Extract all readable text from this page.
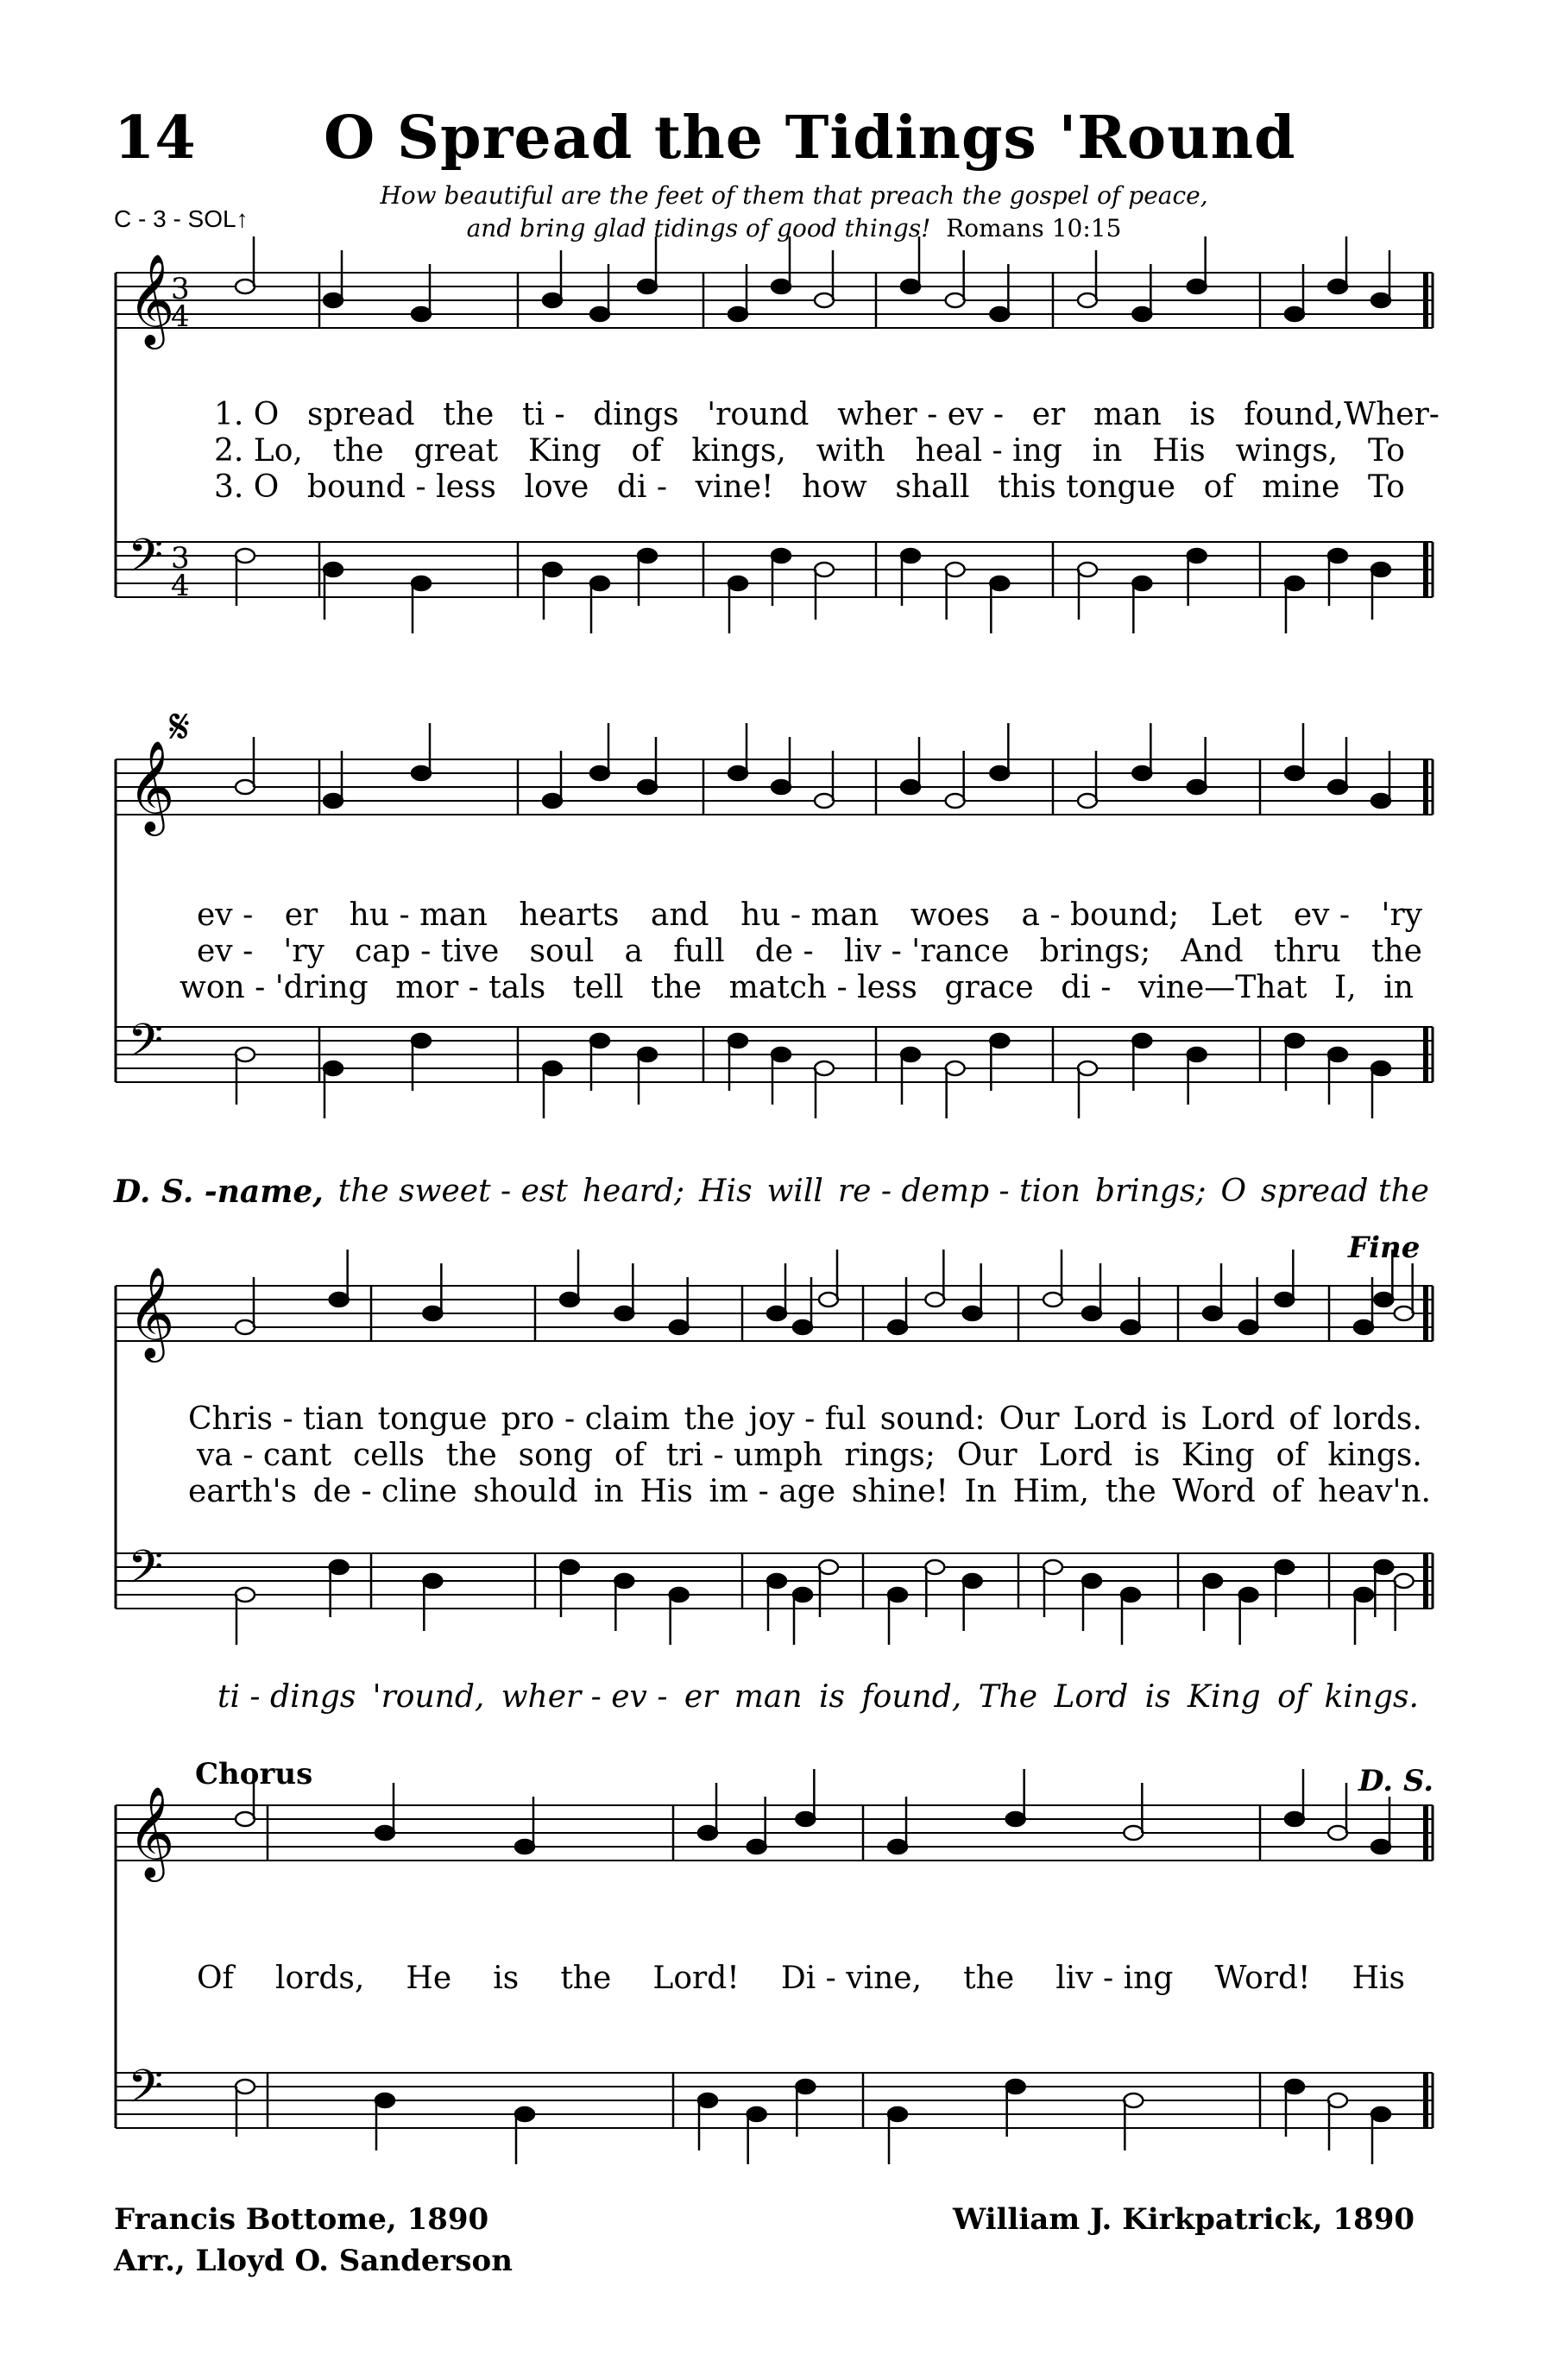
14 O Spread the Tidings 'Round
C - 3 - SOL↑
How beautiful are the feet of them that preach the gospel of peace,
and bring glad tidings of good things! Romans 10:15
𝄞
3
4
𝄢 3
4
𝄞
𝄢
𝄞
𝄢
𝄞
𝄢
1. O spread the ti - dings 'round wher - ev - er man is found,Wher-
2. Lo, the great King of kings, with heal - ing in His wings, To
3. O bound - less love di - vine! how shall this tongue of mine To
𝄋
ev - er hu - man hearts and hu - man woes a - bound; Let ev - 'ry
ev - 'ry cap - tive soul a full de - liv - 'rance brings; And thru the
won - 'dring mor - tals tell the match - less grace di - vine—That I, in
D. S. -name, the sweet - est heard; His will re - demp - tion brings; O spread the
Fine
Chris - tian tongue pro - claim the joy - ful sound: Our Lord is Lord of lords.
va - cant cells the song of tri - umph rings; Our Lord is King of kings.
earth's de - cline should in His im - age shine! In Him, the Word of heav'n.
ti - dings 'round, wher - ev - er man is found, The Lord is King of kings.
Chorus	D. S.
Of lords, He is the Lord! Di - vine, the liv - ing Word! His
Francis Bottome, 1890
Arr., Lloyd O. Sanderson
William J. Kirkpatrick, 1890
